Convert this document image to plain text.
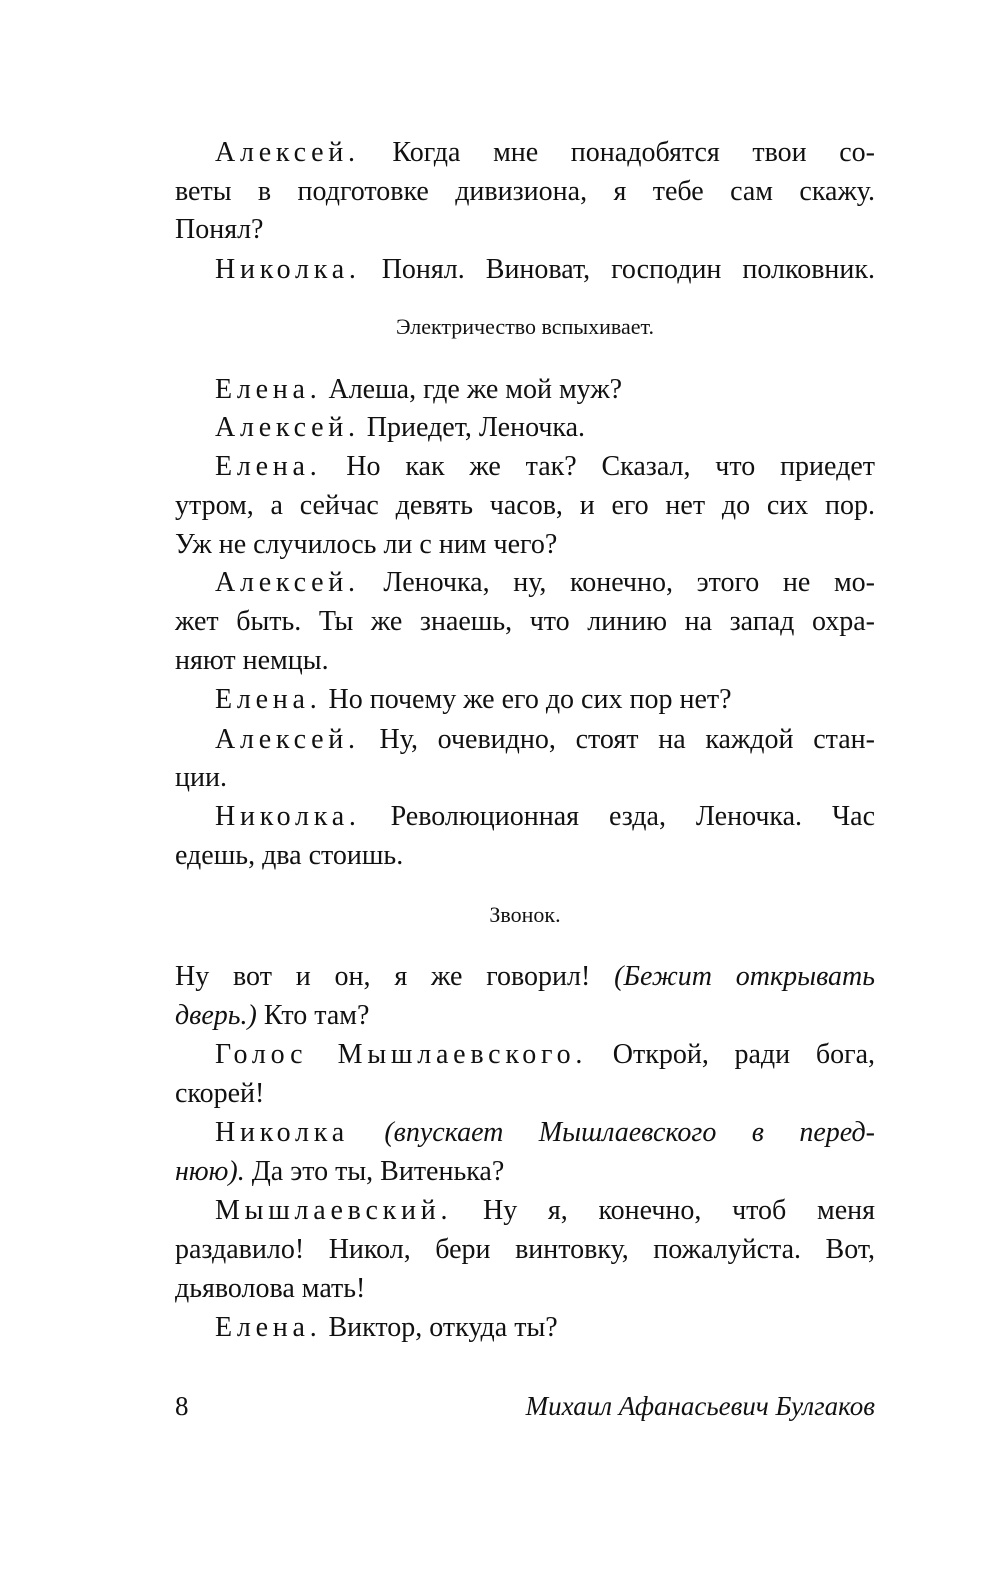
Алексей. Когда мне понадобятся твои со-
веты в подготовке дивизиона, я тебе сам скажу.
Понял?
Николка. Понял. Виноват, господин полковник.
Электричество вспыхивает.
Елена. Алеша, где же мой муж?
Алексей. Приедет, Леночка.
Елена. Но как же так? Сказал, что приедет
утром, а сейчас девять часов, и его нет до сих пор.
Уж не случилось ли с ним чего?
Алексей. Леночка, ну, конечно, этого не мо-
жет быть. Ты же знаешь, что линию на запад охра-
няют немцы.
Елена. Но почему же его до сих пор нет?
Алексей. Ну, очевидно, стоят на каждой стан-
ции.
Николка. Революционная езда, Леночка. Час
едешь, два стоишь.
Звонок.
Ну вот и он, я же говорил! (Бежит открывать
дверь.) Кто там?
Голос Мышлаевского. Открой, ради бога,
скорей!
Николка (впускает Мышлаевского в перед-
нюю). Да это ты, Витенька?
Мышлаевский. Ну я, конечно, чтоб меня
раздавило! Никол, бери винтовку, пожалуйста. Вот,
дьяволова мать!
Елена. Виктор, откуда ты?
8	Михаил Афанасьевич Булгаков
